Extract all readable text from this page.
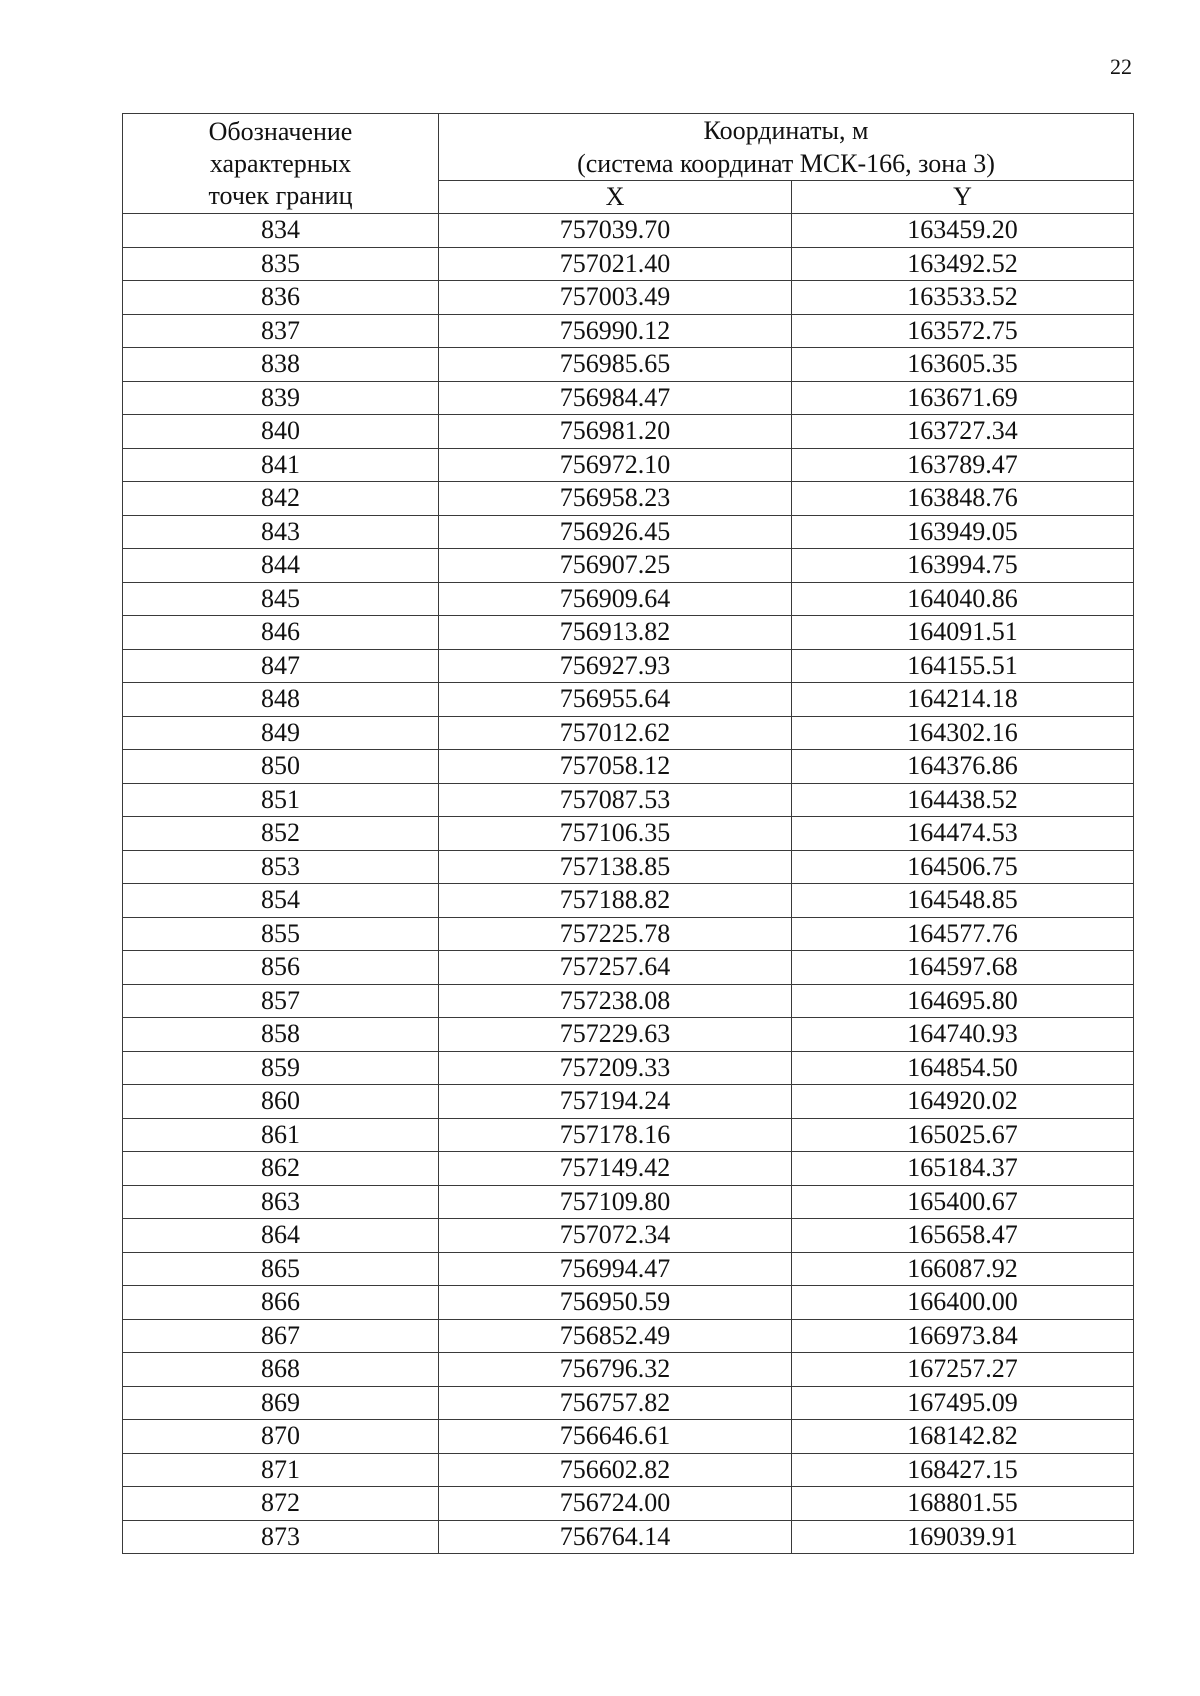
22
Обозначение
характерных
точек границ	Координаты, м
(система координат МСК-166, зона 3)	

	X	Y
834	757039.70	163459.20
835	757021.40	163492.52
836	757003.49	163533.52
837	756990.12	163572.75
838	756985.65	163605.35
839	756984.47	163671.69
840	756981.20	163727.34
841	756972.10	163789.47
842	756958.23	163848.76
843	756926.45	163949.05
844	756907.25	163994.75
845	756909.64	164040.86
846	756913.82	164091.51
847	756927.93	164155.51
848	756955.64	164214.18
849	757012.62	164302.16
850	757058.12	164376.86
851	757087.53	164438.52
852	757106.35	164474.53
853	757138.85	164506.75
854	757188.82	164548.85
855	757225.78	164577.76
856	757257.64	164597.68
857	757238.08	164695.80
858	757229.63	164740.93
859	757209.33	164854.50
860	757194.24	164920.02
861	757178.16	165025.67
862	757149.42	165184.37
863	757109.80	165400.67
864	757072.34	165658.47
865	756994.47	166087.92
866	756950.59	166400.00
867	756852.49	166973.84
868	756796.32	167257.27
869	756757.82	167495.09
870	756646.61	168142.82
871	756602.82	168427.15
872	756724.00	168801.55
873	756764.14	169039.91
